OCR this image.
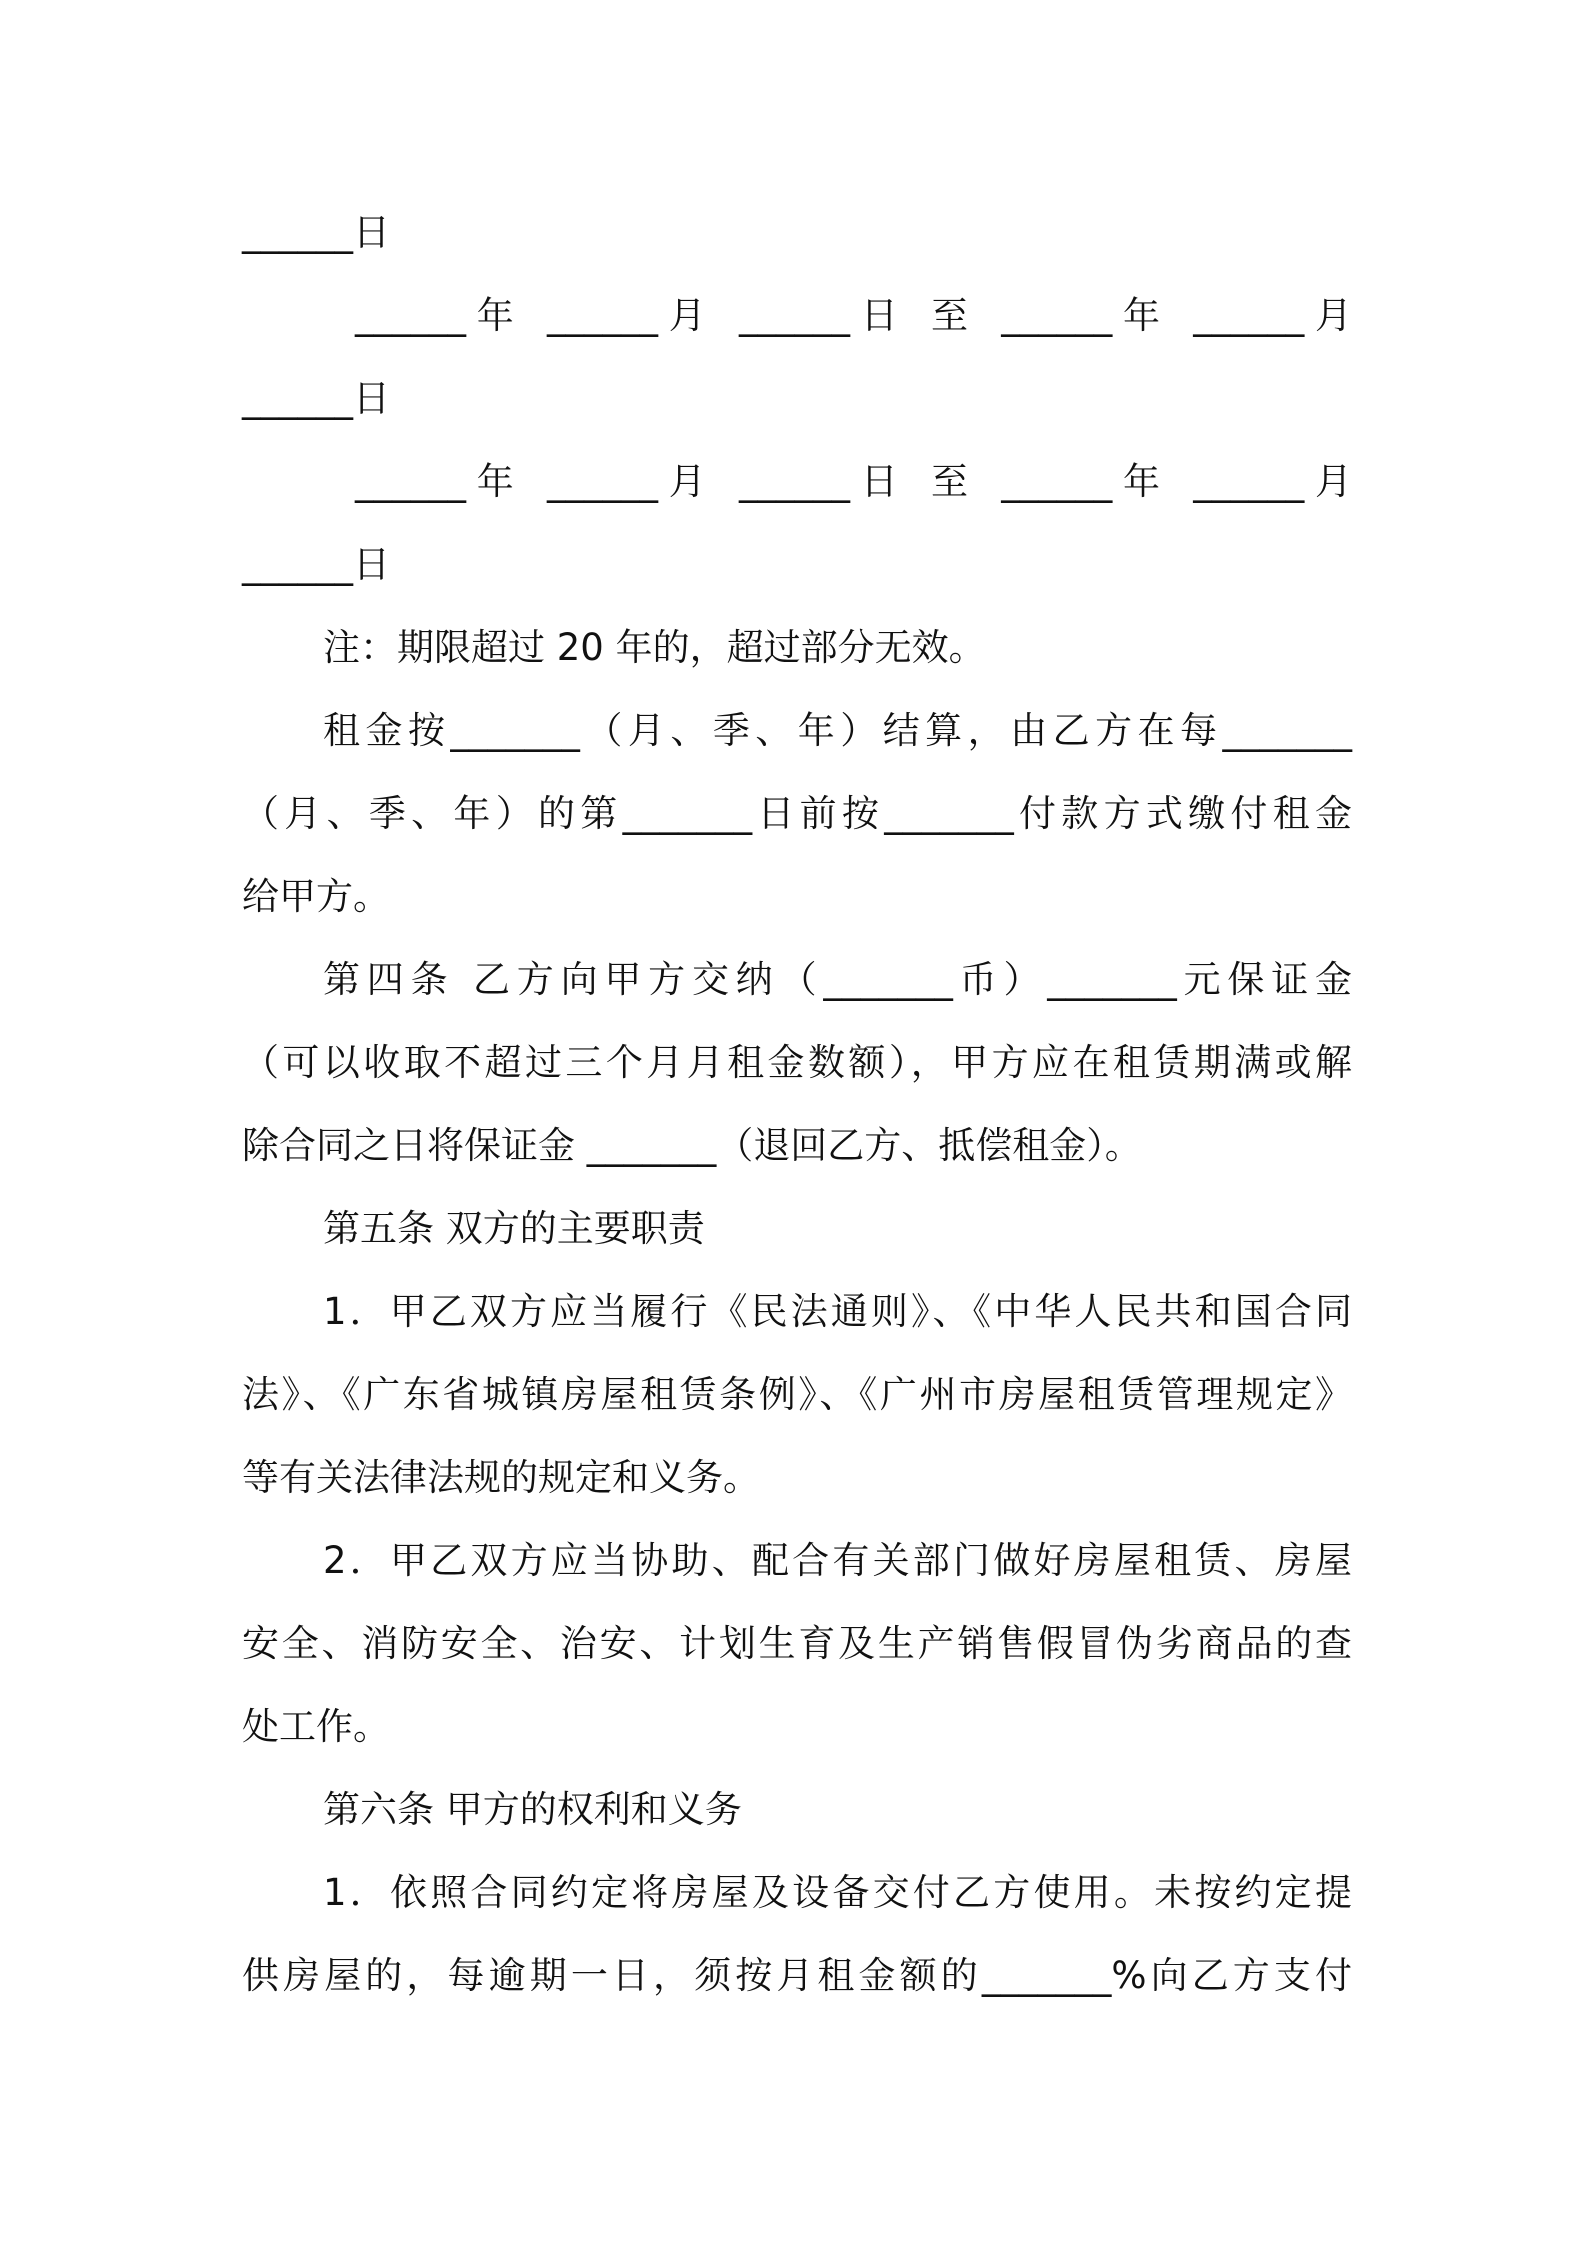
______日
______年 ______月 ______日 至 ______年 ______月
______日
______年 ______月 ______日 至 ______年 ______月
______日
注：期限超过 20 年的，超过部分无效。
租金按_______（月、季、年）结算，由乙方在每_______
（月、季、年）的第_______日前按_______付款方式缴付租金
给甲方。
第四条 乙方向甲方交纳（_______币）_______元保证金
（可以收取不超过三个月月租金数额），甲方应在租赁期满或解
除合同之日将保证金 _______（退回乙方、抵偿租金）。
第五条 双方的主要职责
1．甲乙双方应当履行《民法通则》、《中华人民共和国合同
法》、《广东省城镇房屋租赁条例》、《广州市房屋租赁管理规定》
等有关法律法规的规定和义务。
2．甲乙双方应当协助、配合有关部门做好房屋租赁、房屋
安全、消防安全、治安、计划生育及生产销售假冒伪劣商品的查
处工作。
第六条 甲方的权利和义务
1．依照合同约定将房屋及设备交付乙方使用。未按约定提
供房屋的，每逾期一日，须按月租金额的_______%向乙方支付
